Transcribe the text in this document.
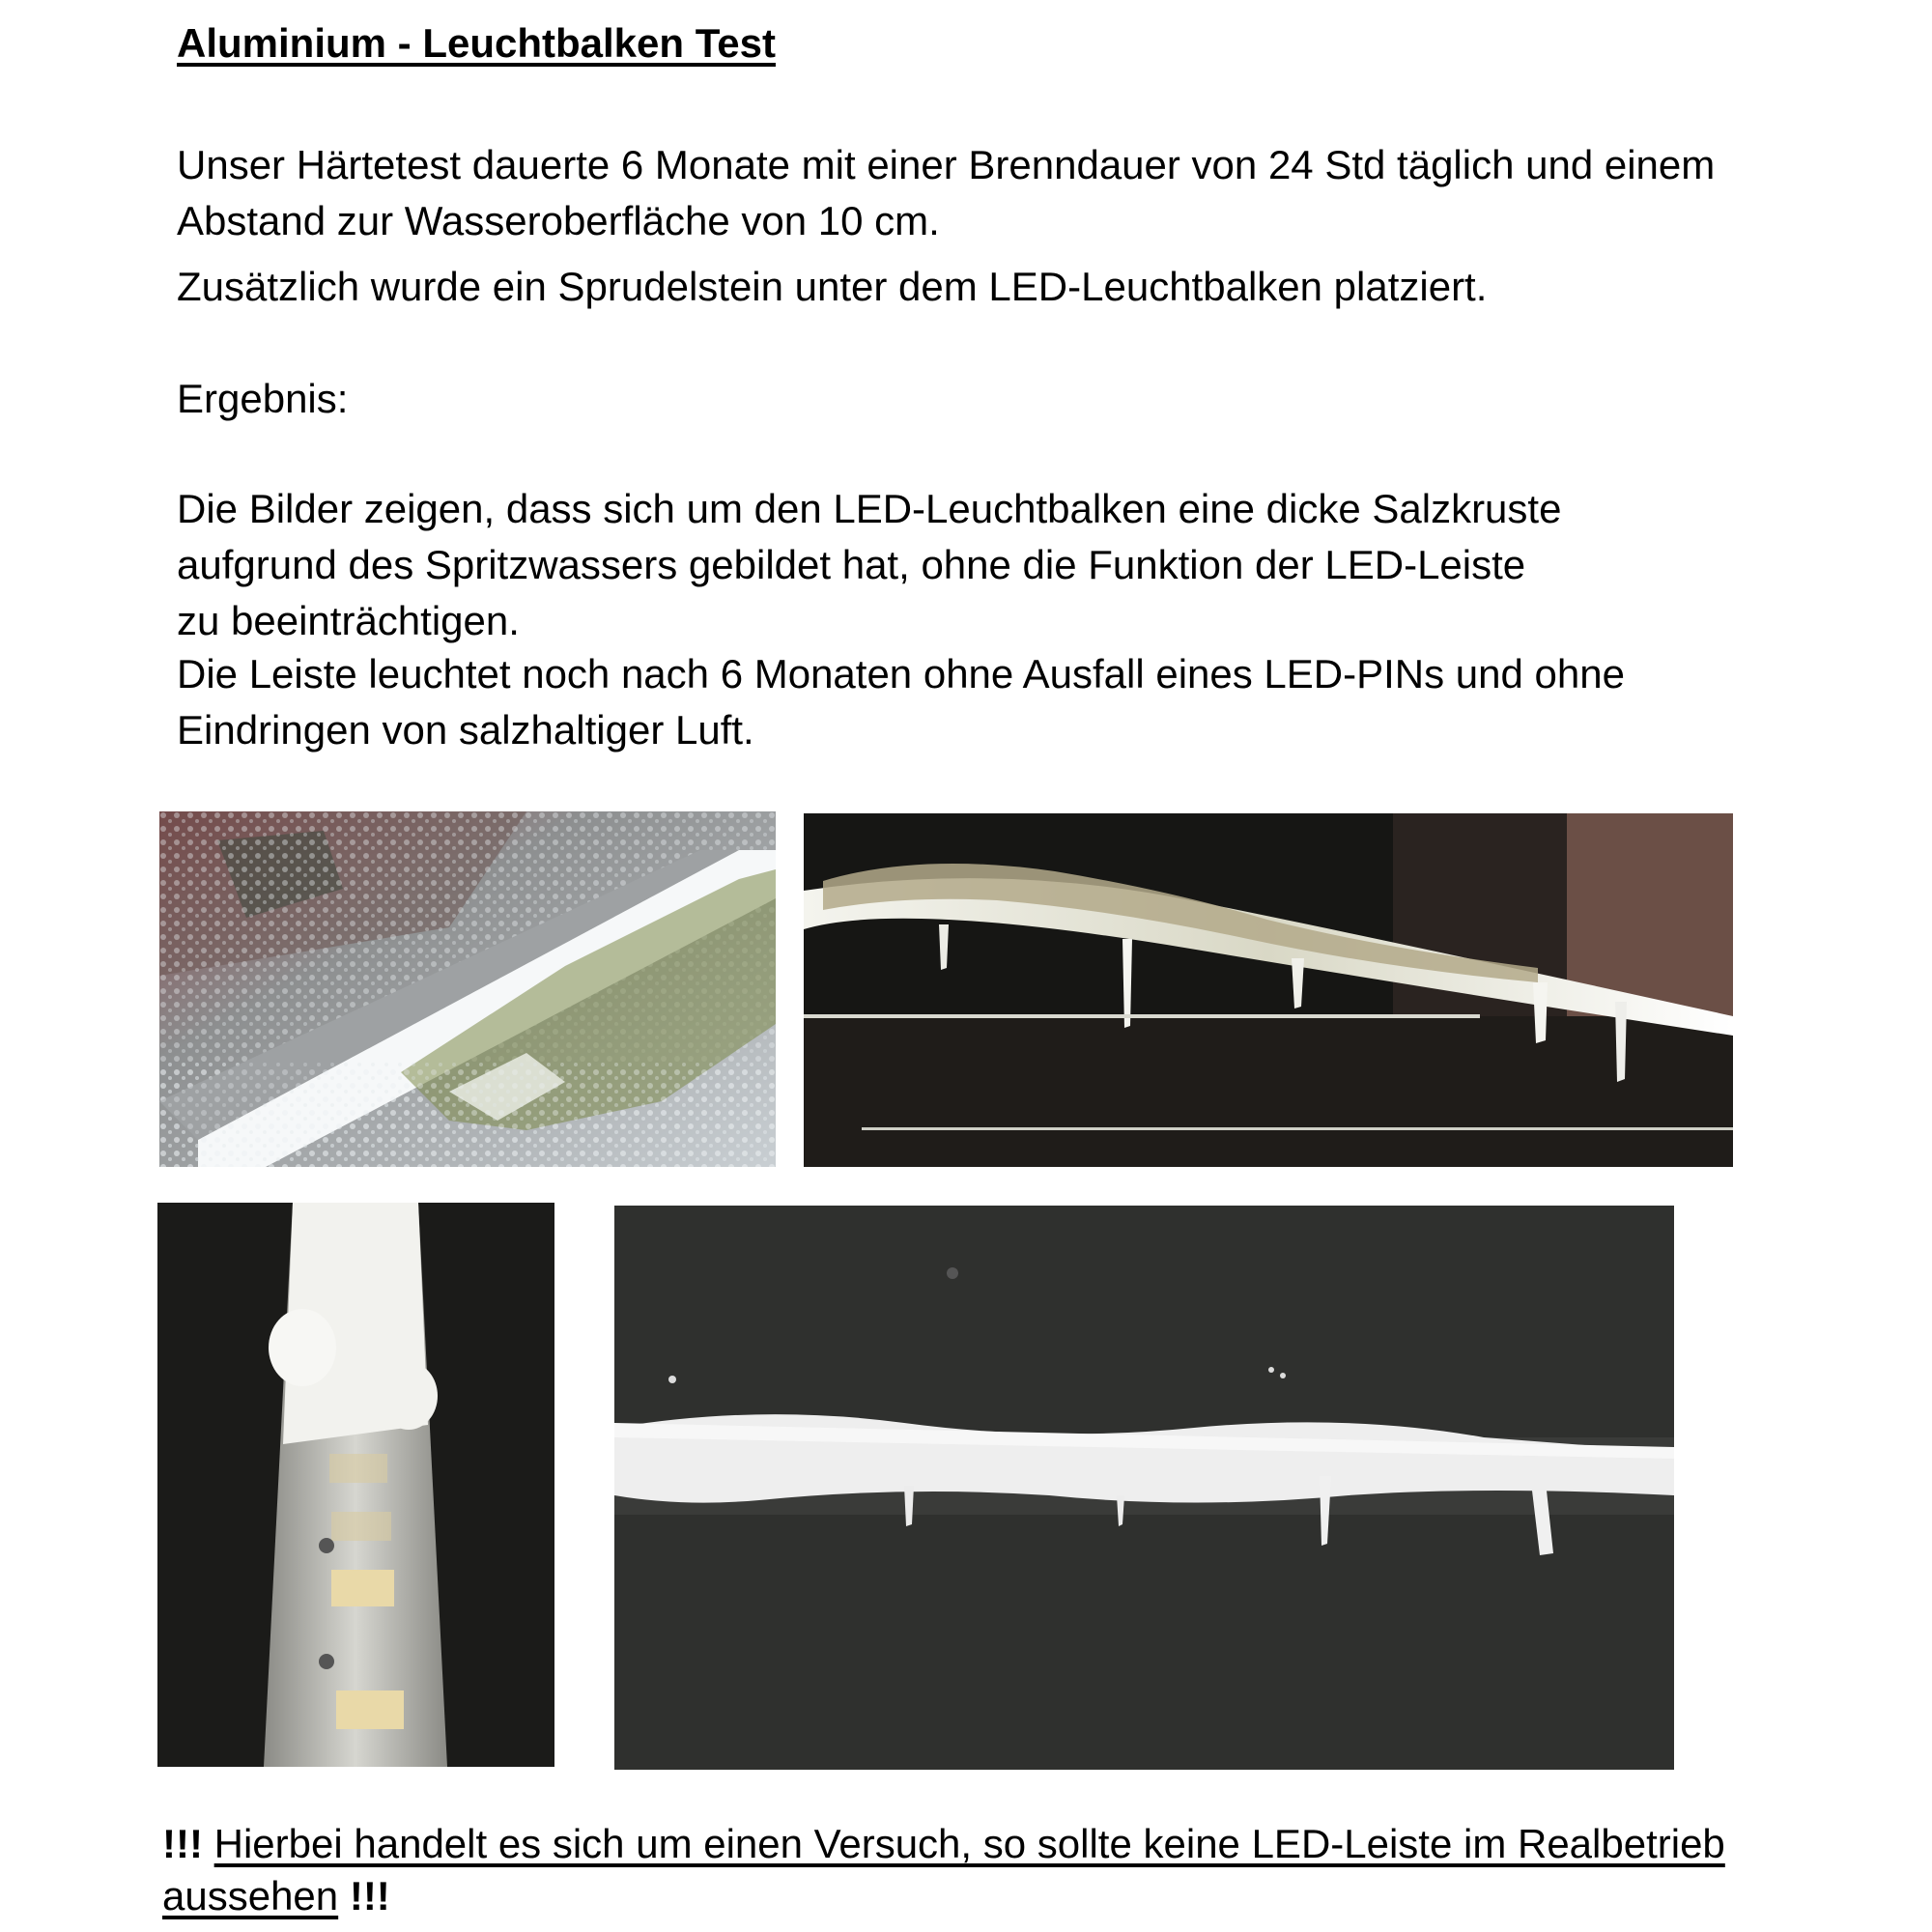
Aluminium - Leuchtbalken Test
Unser Härtetest dauerte 6 Monate mit einer Brenndauer von 24 Std täglich und einem
Abstand zur Wasseroberfläche von 10 cm.
Zusätzlich wurde ein Sprudelstein unter dem LED-Leuchtbalken platziert.
Ergebnis:
Die Bilder zeigen, dass sich um den LED-Leuchtbalken eine dicke Salzkruste
aufgrund des Spritzwassers gebildet hat, ohne die Funktion der LED-Leiste
zu beeinträchtigen.
Die Leiste leuchtet noch nach 6 Monaten ohne Ausfall eines LED-PINs und ohne
Eindringen von salzhaltiger Luft.
!!! Hierbei handelt es sich um einen Versuch, so sollte keine LED-Leiste im Realbetrieb
aussehen !!!
